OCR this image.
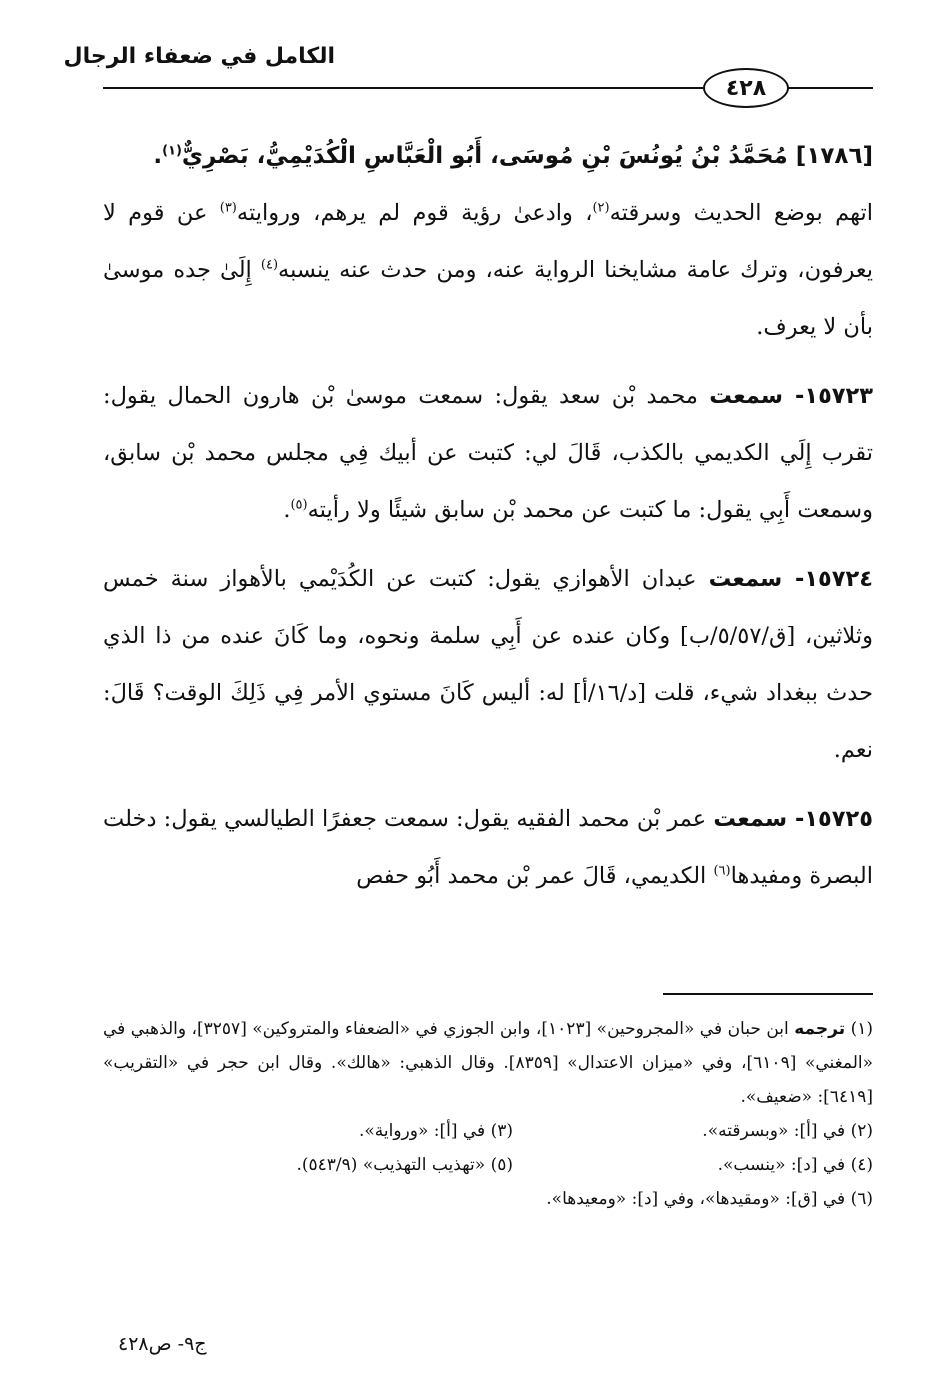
الكامل في ضعفاء الرجال
٤٢٨

[١٧٨٦] مُحَمَّدُ بْنُ يُونُسَ بْنِ مُوسَى، أَبُو الْعَبَّاسِ الْكُدَيْمِيُّ، بَصْرِيٌّ$^{(١)}$.

اتهم بوضع الحديث وسرقته$^{(٢)}$، وادعىٰ رؤية قوم لم يرهم، وروايته$^{(٣)}$ عن قوم لا يعرفون، وترك عامة مشايخنا الرواية عنه، ومن حدث عنه ينسبه$^{(٤)}$ إِلَىٰ جده موسىٰ بأن لا يعرف.

١٥٧٢٣- سمعت محمد بْن سعد يقول: سمعت موسىٰ بْن هارون الحمال يقول: تقرب إِلَي الكديمي بالكذب، قَالَ لي: كتبت عن أبيك فِي مجلس محمد بْن سابق، وسمعت أَبِي يقول: ما كتبت عن محمد بْن سابق شيئًا ولا رأيته$^{(٥)}$.

١٥٧٢٤- سمعت عبدان الأهوازي يقول: كتبت عن الكُدَيْمي بالأهواز سنة خمس وثلاثين، [ق/٥/٥٧/ب] وكان عنده عن أَبِي سلمة ونحوه، وما كَانَ عنده من ذا الذي حدث ببغداد شيء، قلت [د/١٦/أ] له: أليس كَانَ مستوي الأمر فِي ذَلِكَ الوقت؟ قَالَ: نعم.

١٥٧٢٥- سمعت عمر بْن محمد الفقيه يقول: سمعت جعفرًا الطيالسي يقول: دخلت البصرة ومفيدها$^{(٦)}$ الكديمي، قَالَ عمر بْن محمد أَبُو حفص

(١) ترجمه ابن حبان في «المجروحين» [١٠٢٣]، وابن الجوزي في «الضعفاء والمتروكين» [٣٢٥٧]، والذهبي في «المغني» [٦١٠٩]، وفي «ميزان الاعتدال» [٨٣٥٩]. وقال الذهبي: «هالك». وقال ابن حجر في «التقريب» [٦٤١٩]: «ضعيف».

(٢) في [أ]: «وبسرقته».
(٣) في [أ]: «ورواية».
(٤) في [د]: «ينسب».
(٥) «تهذيب التهذيب» (٥٤٣/٩).

(٦) في [ق]: «ومقيدها»، وفي [د]: «ومعيدها».

ج٩- ص٤٢٨
